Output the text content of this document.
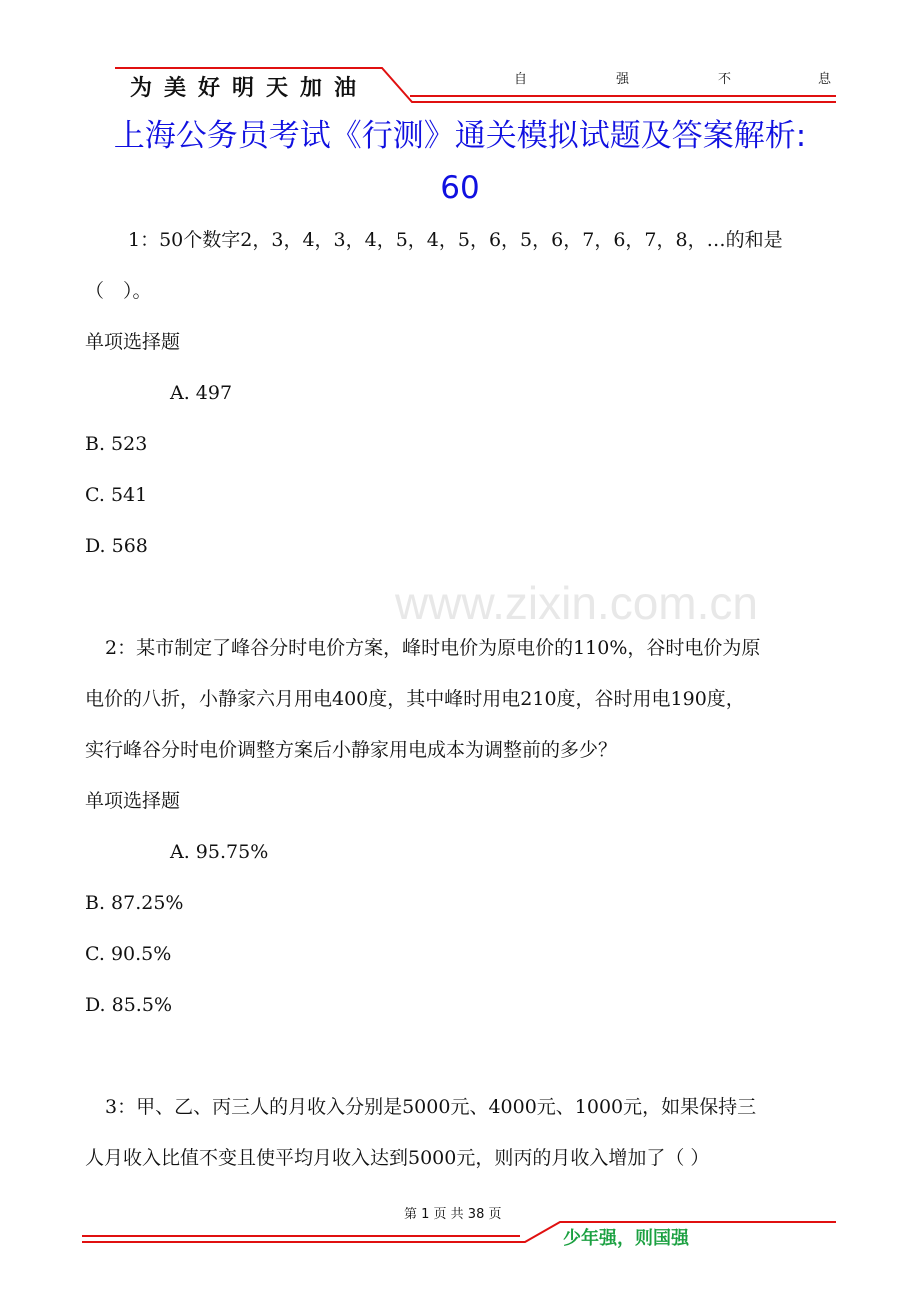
www.zixin.com.cn
为美好明天加油	自	强	不	息
上海公务员考试《行测》通关模拟试题及答案解析:
60
1：50个数字2，3，4，3，4，5，4，5，6，5，6，7，6，7，8，…的和是
（　）。
单项选择题
A. 497
B. 523
C. 541
D. 568
2：某市制定了峰谷分时电价方案，峰时电价为原电价的110%，谷时电价为原
电价的八折，小静家六月用电400度，其中峰时用电210度，谷时用电190度，
实行峰谷分时电价调整方案后小静家用电成本为调整前的多少？
单项选择题
A. 95.75%
B. 87.25%
C. 90.5%
D. 85.5%
3：甲、乙、丙三人的月收入分别是5000元、4000元、1000元，如果保持三
人月收入比值不变且使平均月收入达到5000元，则丙的月收入增加了（ ）
第 1 页 共 38 页
少年强，则国强
